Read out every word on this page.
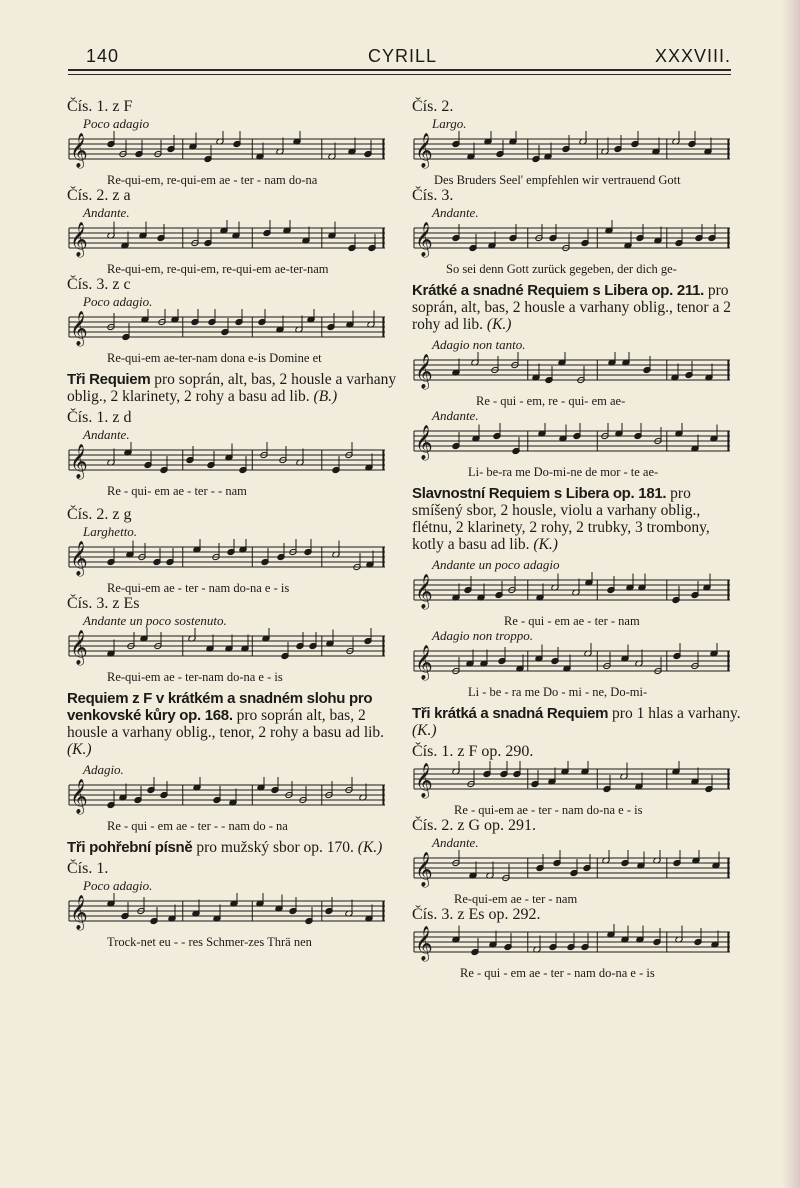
140	CYRILL	XXXVIII.
Čís. 1. z F
Poco adagio
𝄞
Re-qui-em, re-qui-em ae - ter - nam do-na
Čís. 2. z a
Andante.
𝄞
Re-qui-em, re-qui-em, re-qui-em ae-ter-nam
Čís. 3. z c
Poco adagio.
𝄞
Re-qui-em ae-ter-nam dona e-is Domine et

Tři Requiem pro soprán, alt, bas, 2 housle a varhany oblig., 2 klarinety, 2 rohy a basu ad lib. (B.)

Čís. 1. z d
Andante.
𝄞
Re - qui- em ae - ter - - nam
Čís. 2. z g
Larghetto.
𝄞
Re-qui-em ae - ter - nam do-na e - is
Čís. 3. z Es
Andante un poco sostenuto.
𝄞
Re-qui-em ae - ter-nam do-na e - is

Requiem z F v krátkém a snadném slohu pro venkovské kůry op. 168. pro soprán alt, bas, 2 housle a varhany oblig., tenor, 2 rohy a basu ad lib. (K.)

Adagio.
𝄞
Re - qui - em ae - ter - - nam do - na

Tři pohřební písně pro mužský sbor op. 170. (K.)

Čís. 1.
Poco adagio.
𝄞
Trock-net eu - - res Schmer-zes Thrä nen
Čís. 2.
Largo.
𝄞
Des Bruders Seel' empfehlen wir vertrauend Gott
Čís. 3.
Andante.
𝄞
So sei denn Gott zurück gegeben, der dich ge-

Krátké a snadné Requiem s Libera op. 211. pro soprán, alt, bas, 2 housle a varhany oblig., tenor a 2 rohy ad lib. (K.)

Adagio non tanto.
𝄞
Re - qui - em, re - qui- em ae-
Andante.
𝄞
Li- be-ra me Do-mi-ne de mor - te ae-

Slavnostní Requiem s Libera op. 181. pro smíšený sbor, 2 housle, violu a varhany oblig., flétnu, 2 klarinety, 2 rohy, 2 trubky, 3 trombony, kotly a basu ad lib. (K.)

Andante un poco adagio
𝄞
Re - qui - em ae - ter - nam
Adagio non troppo.
𝄞
Li - be - ra me Do - mi - ne, Do-mi-

Tři krátká a snadná Requiem pro 1 hlas a varhany. (K.)

Čís. 1. z F op. 290.
𝄞
Re - qui-em ae - ter - nam do-na e - is
Čís. 2. z G op. 291.
Andante.
𝄞
Re-qui-em ae - ter - nam
Čís. 3. z Es op. 292.
𝄞
Re - qui - em ae - ter - nam do-na e - is
